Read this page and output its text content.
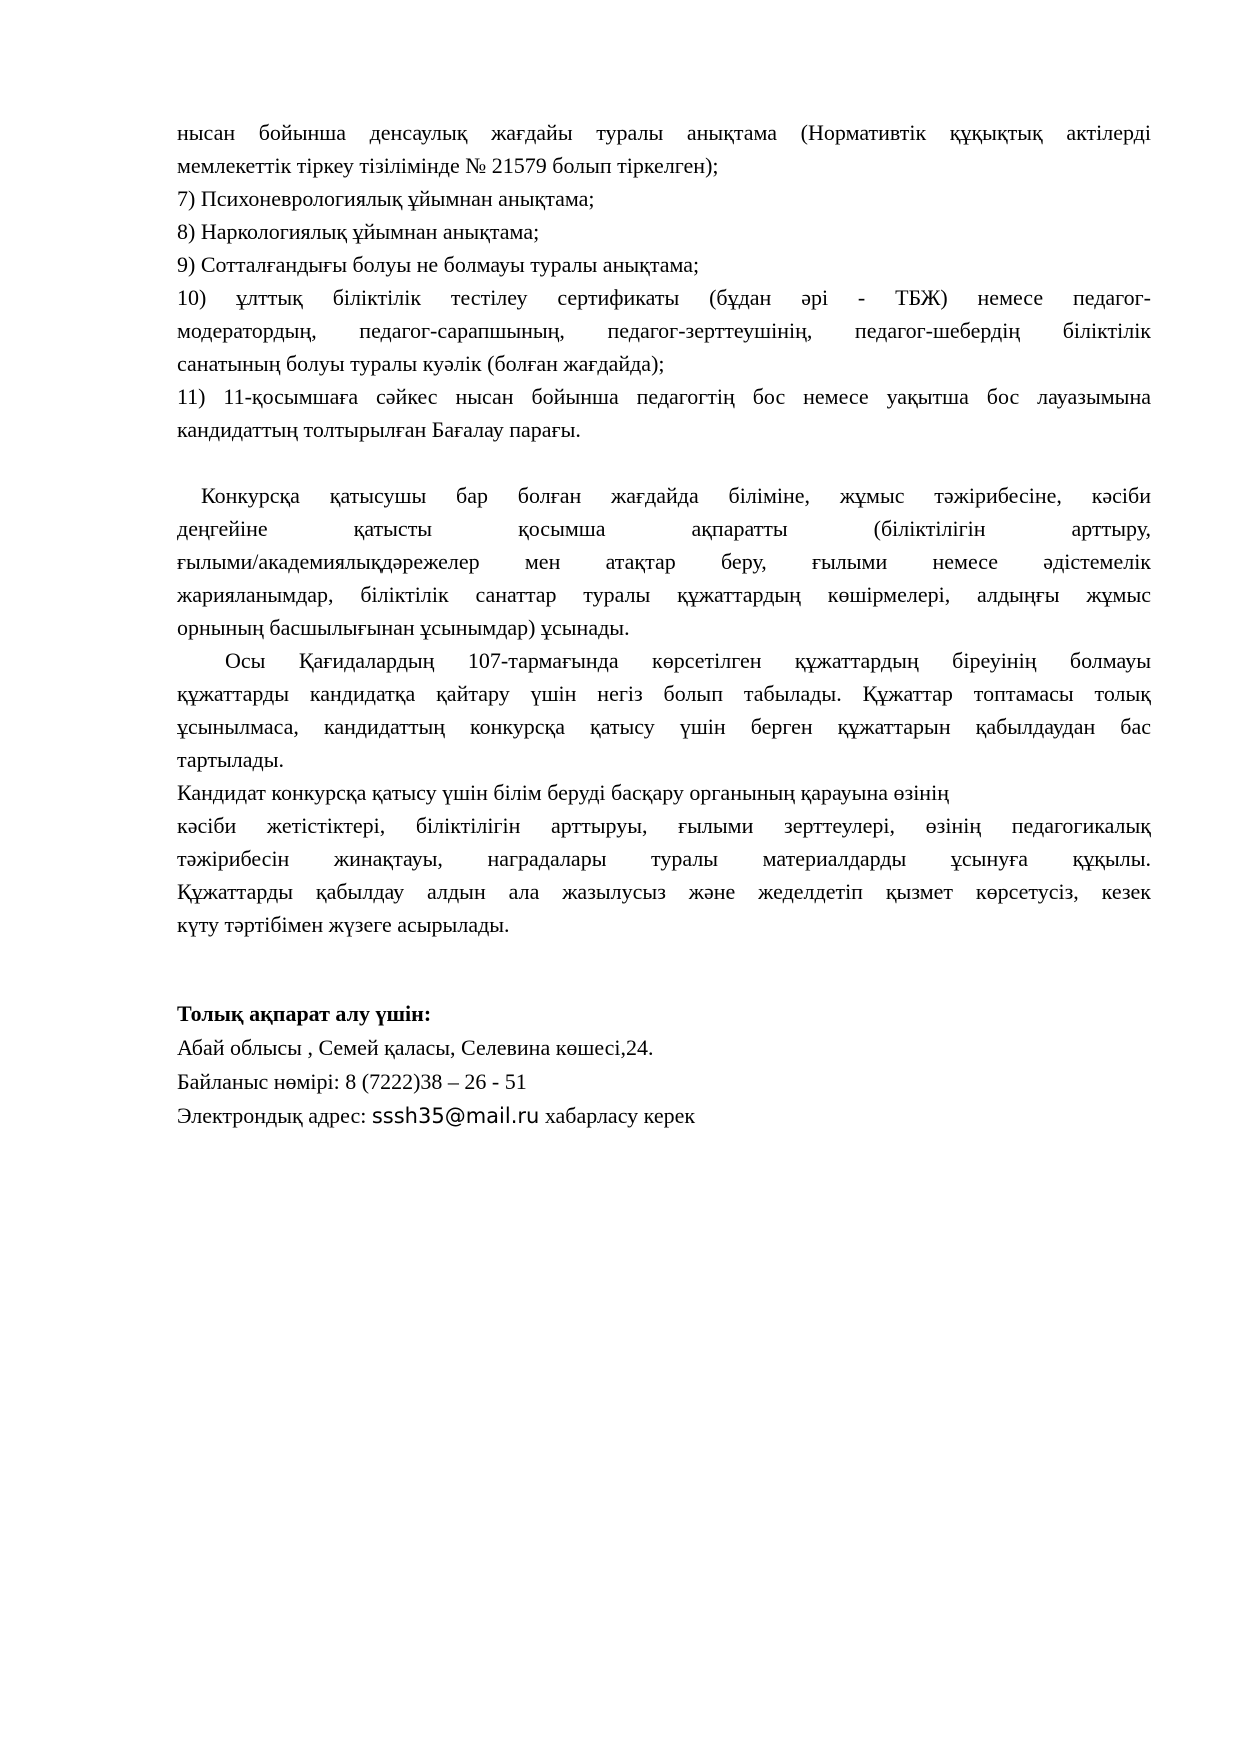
нысан бойынша денсаулық жағдайы туралы анықтама (Нормативтік құқықтық актілерді
мемлекеттік тіркеу тізілімінде № 21579 болып тіркелген);
7) Психоневрологиялық ұйымнан анықтама;
8) Наркологиялық ұйымнан анықтама;
9) Сотталғандығы болуы не болмауы туралы анықтама;
10) ұлттық біліктілік тестілеу сертификаты (бұдан әрі - ТБЖ) немесе педагог-
модератордың, педагог-сарапшының, педагог-зерттеушінің, педагог-шебердің біліктілік
санатының болуы туралы куәлік (болған жағдайда);
11) 11-қосымшаға сәйкес нысан бойынша педагогтің бос немесе уақытша бос лауазымына
кандидаттың толтырылған Бағалау парағы.
Конкурсқа қатысушы бар болған жағдайда біліміне, жұмыс тәжірибесіне, кәсіби
деңгейіне қатысты қосымша ақпаратты (біліктілігін арттыру,
ғылыми/академиялықдәрежелер мен атақтар беру, ғылыми немесе әдістемелік
жарияланымдар, біліктілік санаттар туралы құжаттардың көшірмелері, алдыңғы жұмыс
орнының басшылығынан ұсынымдар) ұсынады.
Осы Қағидалардың 107-тармағында көрсетілген құжаттардың біреуінің болмауы
құжаттарды кандидатқа қайтару үшін негіз болып табылады. Құжаттар топтамасы толық
ұсынылмаса, кандидаттың конкурсқа қатысу үшін берген құжаттарын қабылдаудан бас
тартылады.
Кандидат конкурсқа қатысу үшін білім беруді басқару органының қарауына өзінің
кәсіби жетістіктері, біліктілігін арттыруы, ғылыми зерттеулері, өзінің педагогикалық
тәжірибесін жинақтауы, наградалары туралы материалдарды ұсынуға құқылы.
Құжаттарды қабылдау алдын ала жазылусыз және жеделдетіп қызмет көрсетусіз, кезек
күту тәртібімен жүзеге асырылады.
Толық ақпарат алу үшін:
Абай облысы , Семей қаласы, Селевина көшесі,24.
Байланыс нөмірі: 8 (7222)38 – 26 - 51
Электрондық адрес: sssh35@mail.ru хабарласу керек
